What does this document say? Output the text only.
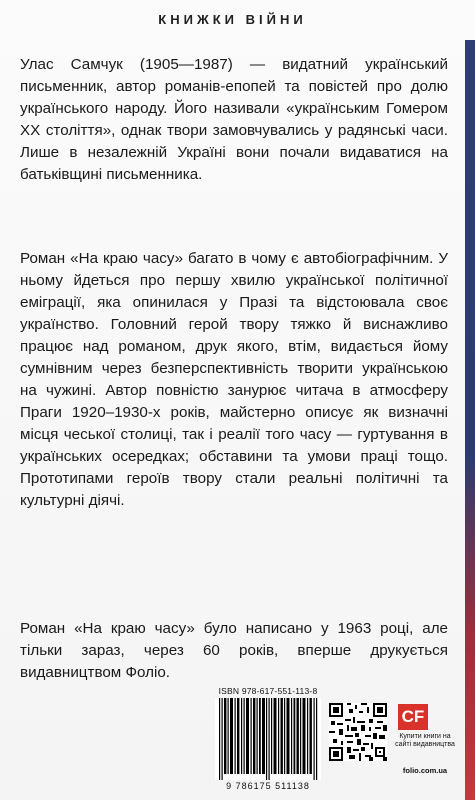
КНИЖКИ ВІЙНИ

Улас Самчук (1905—1987) — видатний український письменник, автор романів-епопей та повістей про долю українського народу. Його називали «українським Гомером XX століття», однак твори замовчувались у радянські часи. Лише в незалежній Україні вони почали видаватися на батьківщині письменника.

Роман «На краю часу» багато в чому є автобіографічним. У ньому йдеться про першу хвилю української політичної еміграції, яка опинилася у Празі та відстоювала своє українство. Головний герой твору тяжко й виснажливо працює над романом, друк якого, втім, видається йому сумнівним через безперспективність творити українською на чужині. Автор повністю занурює читача в атмосферу Праги 1920–1930-х років, майстерно описує як визначні місця чеської столиці, так і реалії того часу — гуртування в українських осередках; обставини та умови праці тощо. Прототипами героїв твору стали реальні політичні та культурні діячі.

Роман «На краю часу» було написано у 1963 році, але тільки зараз, через 60 років, вперше друкується видавництвом Фоліо.

ISBN 978-617-551-113-8
9 786175 511138
CF
Купити книги на сайті видавництва
folio.com.ua
